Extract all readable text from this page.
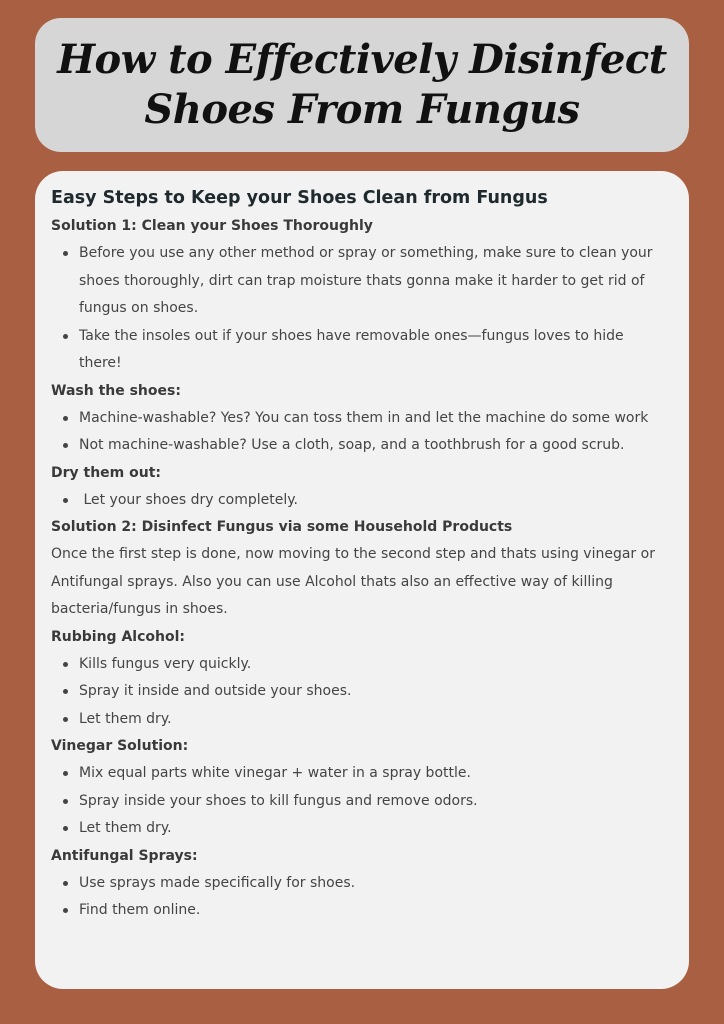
How to Effectively Disinfect
Shoes From Fungus
Easy Steps to Keep your Shoes Clean from Fungus
Solution 1: Clean your Shoes Thoroughly
Before you use any other method or spray or something, make sure to clean your shoes thoroughly, dirt can trap moisture thats gonna make it harder to get rid of fungus on shoes.
Take the insoles out if your shoes have removable ones—fungus loves to hide there!
Wash the shoes:
Machine-washable? Yes? You can toss them in and let the machine do some work
Not machine-washable? Use a cloth, soap, and a toothbrush for a good scrub.
Dry them out:
Let your shoes dry completely.
Solution 2: Disinfect Fungus via some Household Products
Once the first step is done, now moving to the second step and thats using vinegar or Antifungal sprays. Also you can use Alcohol thats also an effective way of killing bacteria/fungus in shoes.
Rubbing Alcohol:
Kills fungus very quickly.
Spray it inside and outside your shoes.
Let them dry.
Vinegar Solution:
Mix equal parts white vinegar + water in a spray bottle.
Spray inside your shoes to kill fungus and remove odors.
Let them dry.
Antifungal Sprays:
Use sprays made specifically for shoes.
Find them online.
